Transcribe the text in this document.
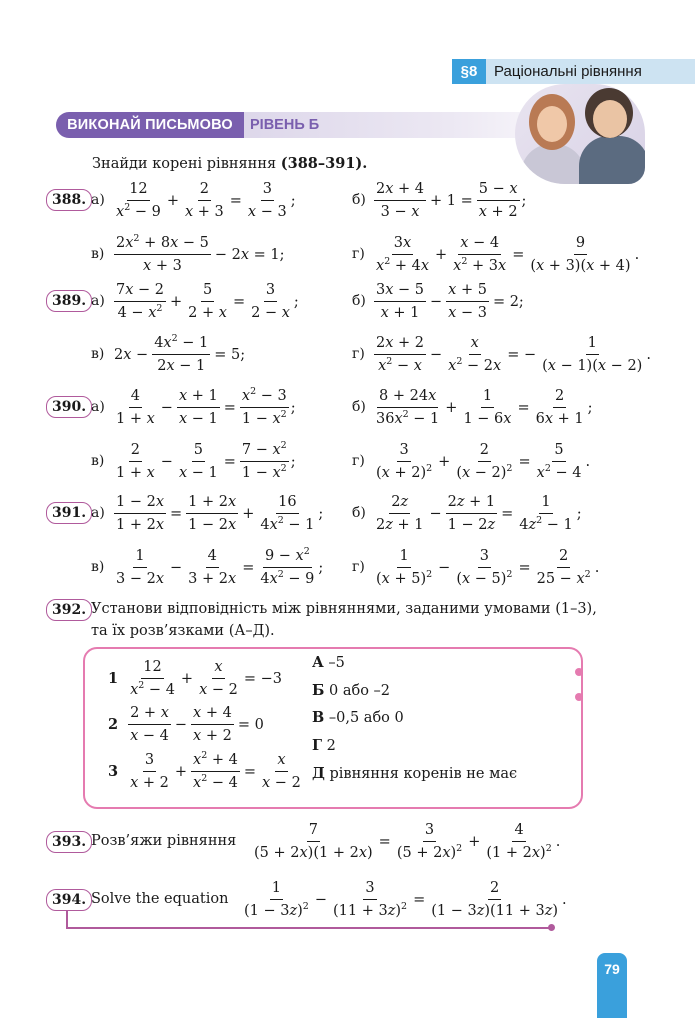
§8	Раціональні рівняння
ВИКОНАЙ ПИСЬМОВО	РІВЕНЬ Б
Знайди корені рівняння (388–391).
388. а)
12
$x^2 - 9$
+ $\frac{2}{x + 3} = \frac{3}{x - 3}$ ;	б)
2x + 4
3 − x
+ $1 = \frac{5 - x}{x + 2}$ ;
в)
$2x^2 + 8x - 5$
x + 3
− 2x = 1;	г)
3x
$x^2 + 4x$
+ $\frac{x - 4}{x^2 + 3x} = \frac{9}{(x + 3)(x + 4)}$ .
389. а)
7x − 2
$4 - x^2 + \frac{5}{2 + x} = \frac{3}{2 - x}$ ;	б)
3x − 5
x + 1
− $\frac{x + 5}{x - 3} = 2$;
в) $2x - \frac{4x^2 - 1}{2x - 1} = 5$;	г)
2x + 2
$x^2 - x$
− $\frac{x}{x^2 - 2x}$ = − $\frac{1}{(x - 1)(x - 2)}$ .
390. а)
4
1 + x
− $\frac{x + 1}{x - 1} = \frac{x^2 - 3}{1 - x^2}$ ;	б)
8 + 24x
$36x^2 - 1$
+ $\frac{1}{1 - 6x} = \frac{2}{6x + 1}$ ;
в)
2
1 + x
− $\frac{5}{x - 1} = \frac{7 - x^2}{1 - x^2}$ ;	г)
3
$(x + 2)^2 + \frac{2}{(x - 2)^2} = \frac{5}{x^2 - 4}$ .
391. $а) \frac{1 - 2x}{1 + 2x} = \frac{1 + 2x}{1 - 2x} + \frac{16}{4x^2 - 1}$ ; б)
2z
2z + 1
− $\frac{2z + 1}{1 - 2z} = \frac{1}{4z^2 - 1}$ ;
в)
1
3 − 2x
− $\frac{4}{3 + 2x} = \frac{9 - x^2}{4x^2 - 9}$ ; г)
1
$(x + 5)^2 - \frac{3}{(x - 5)^2} = \frac{2}{25 - x^2}$ .
392. Установи відповідність між рівняннями, заданими умовами (1–3),
та їх розв’язками (А–Д).
1
12
$x^2 - 4$
+ $\frac{x}{x - 2} = -3$
2
2 + x
x − 4
− $\frac{x + 4}{x + 2} = 0$
3
3
x + 2
+ $\frac{x^2 + 4}{x^2 - 4} = \frac{x}{x - 2}$
А –5
Б 0 або –2
В –0,5 або 0
Г 2
Д рівняння коренів не має
393. Розв’яжи рівняння $\frac{7}{(5 + 2x)(1 + 2x)} = \frac{3}{(5 + 2x)^2} + \frac{4}{(1 + 2x)^2}$ .
394. Solve the equation
1
$(1 - 3z)^2 - \frac{3}{(11 + 3z)^2} = \frac{2}{(1 - 3z)(11 + 3z)}$ .
79
